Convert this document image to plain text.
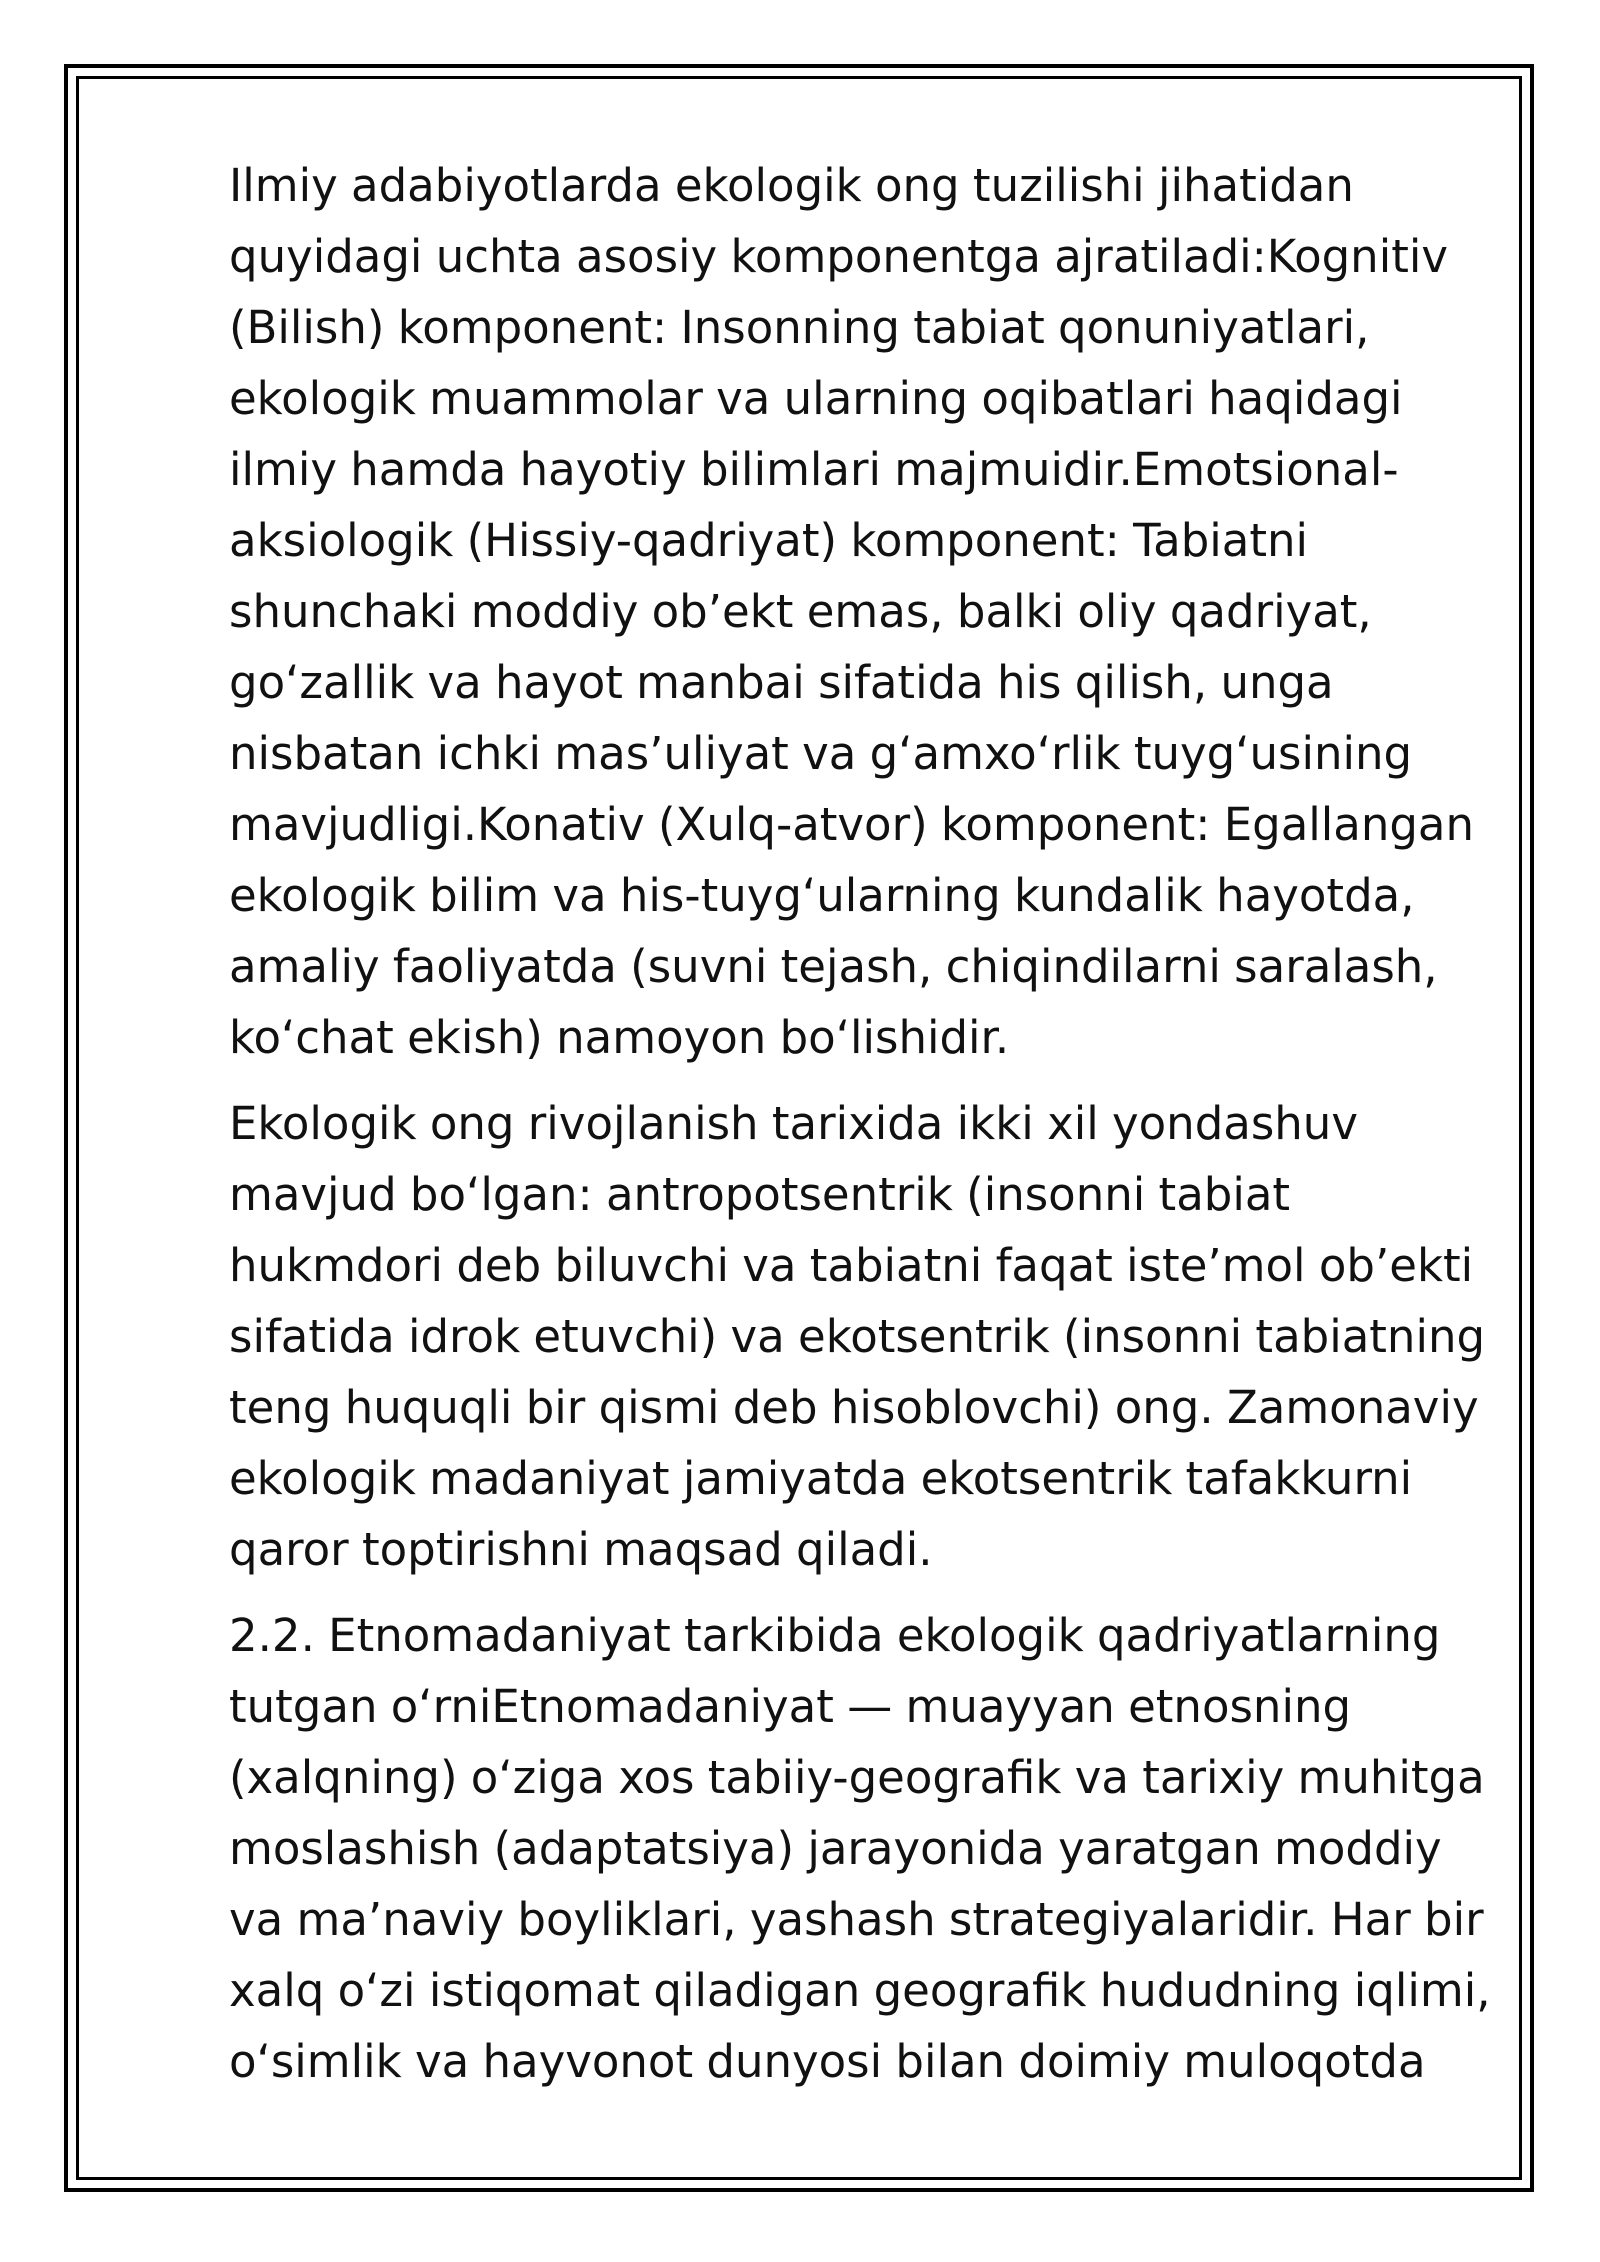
Ilmiy adabiyotlarda ekologik ong tuzilishi jihatidan quyidagi uchta asosiy komponentga ajratiladi:Kognitiv (Bilish) komponent: Insonning tabiat qonuniyatlari, ekologik muammolar va ularning oqibatlari haqidagi ilmiy hamda hayotiy bilimlari majmuidir.Emotsional-aksiologik (Hissiy-qadriyat) komponent: Tabiatni shunchaki moddiy ob’ekt emas, balki oliy qadriyat, go‘zallik va hayot manbai sifatida his qilish, unga nisbatan ichki mas’uliyat va g‘amxo‘rlik tuyg‘usining mavjudligi.Konativ (Xulq-atvor) komponent: Egallangan ekologik bilim va his-tuyg‘ularning kundalik hayotda, amaliy faoliyatda (suvni tejash, chiqindilarni saralash, ko‘chat ekish) namoyon bo‘lishidir.

Ekologik ong rivojlanish tarixida ikki xil yondashuv mavjud bo‘lgan: antropotsentrik (insonni tabiat hukmdori deb biluvchi va tabiatni faqat iste’mol ob’ekti sifatida idrok etuvchi) va ekotsentrik (insonni tabiatning teng huquqli bir qismi deb hisoblovchi) ong. Zamonaviy ekologik madaniyat jamiyatda ekotsentrik tafakkurni qaror toptirishni maqsad qiladi.

2.2. Etnomadaniyat tarkibida ekologik qadriyatlarning tutgan o‘rniEtnomadaniyat — muayyan etnosning (xalqning) o‘ziga xos tabiiy-geografik va tarixiy muhitga moslashish (adaptatsiya) jarayonida yaratgan moddiy va ma’naviy boyliklari, yashash strategiyalaridir. Har bir xalq o‘zi istiqomat qiladigan geografik hududning iqlimi, o‘simlik va hayvonot dunyosi bilan doimiy muloqotda
